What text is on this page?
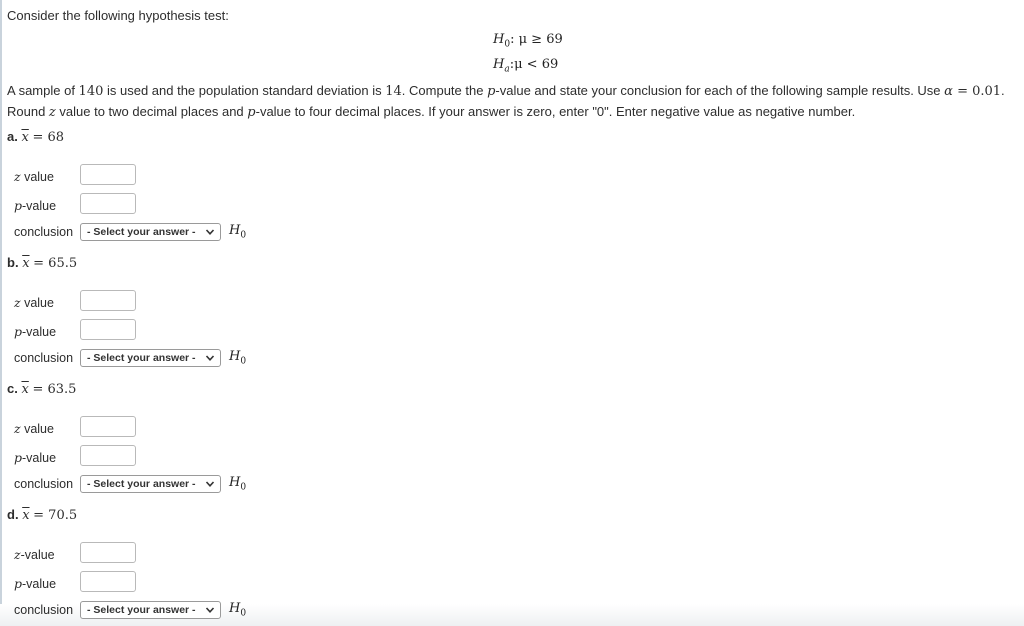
Consider the following hypothesis test:
$H_0$: μ ≥ 69
$H_a:\mu < 69$
A sample of 140 is used and the population standard deviation is 14. Compute the p-value and state your conclusion for each of the following sample results. Use α = 0.01.
Round z value to two decimal places and p-value to four decimal places. If your answer is zero, enter "0". Enter negative value as negative number.
a. $\overline{x} = 68$
z value
p-value
conclusion - Select your answer -	$H_0$
b. $\overline{x} = 65.5$
z value
p-value
conclusion - Select your answer -	$H_0$
c. $\overline{x} = 63.5$
z value
p-value
conclusion - Select your answer -	$H_0$
d. $\overline{x} = 70.5$
z-value
p-value
conclusion - Select your answer -	$H_0$
